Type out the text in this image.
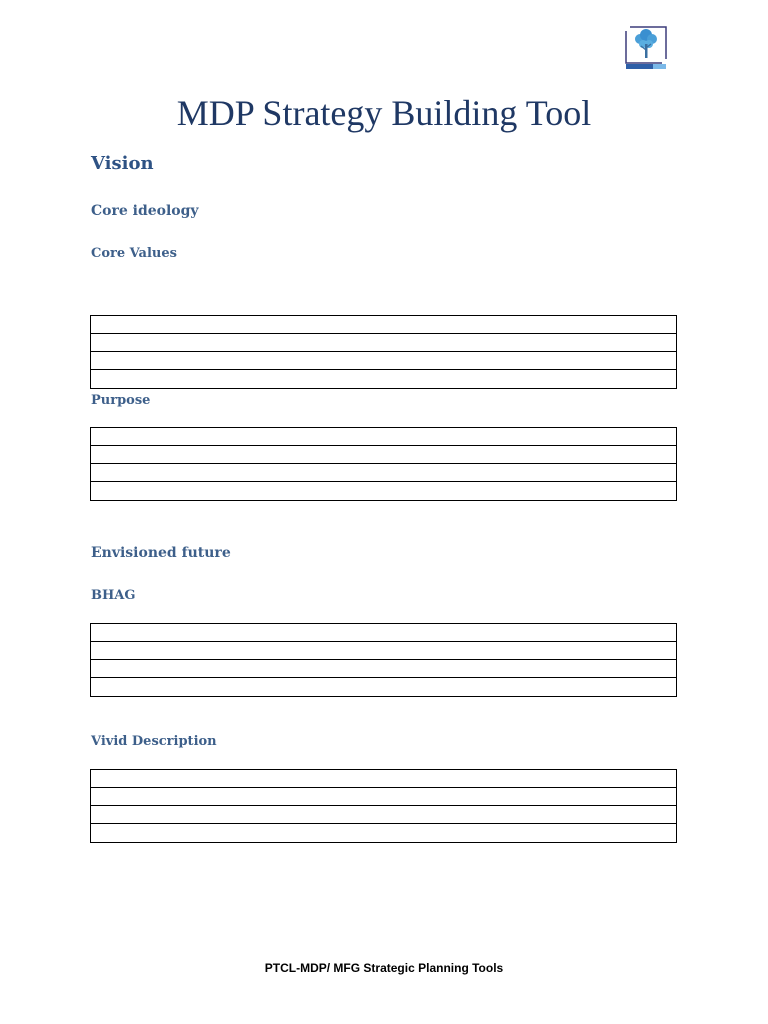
MDP Strategy Building Tool
Vision
Core ideology
Core Values
Purpose
Envisioned future
BHAG
Vivid Description
PTCL-MDP/ MFG Strategic Planning Tools
